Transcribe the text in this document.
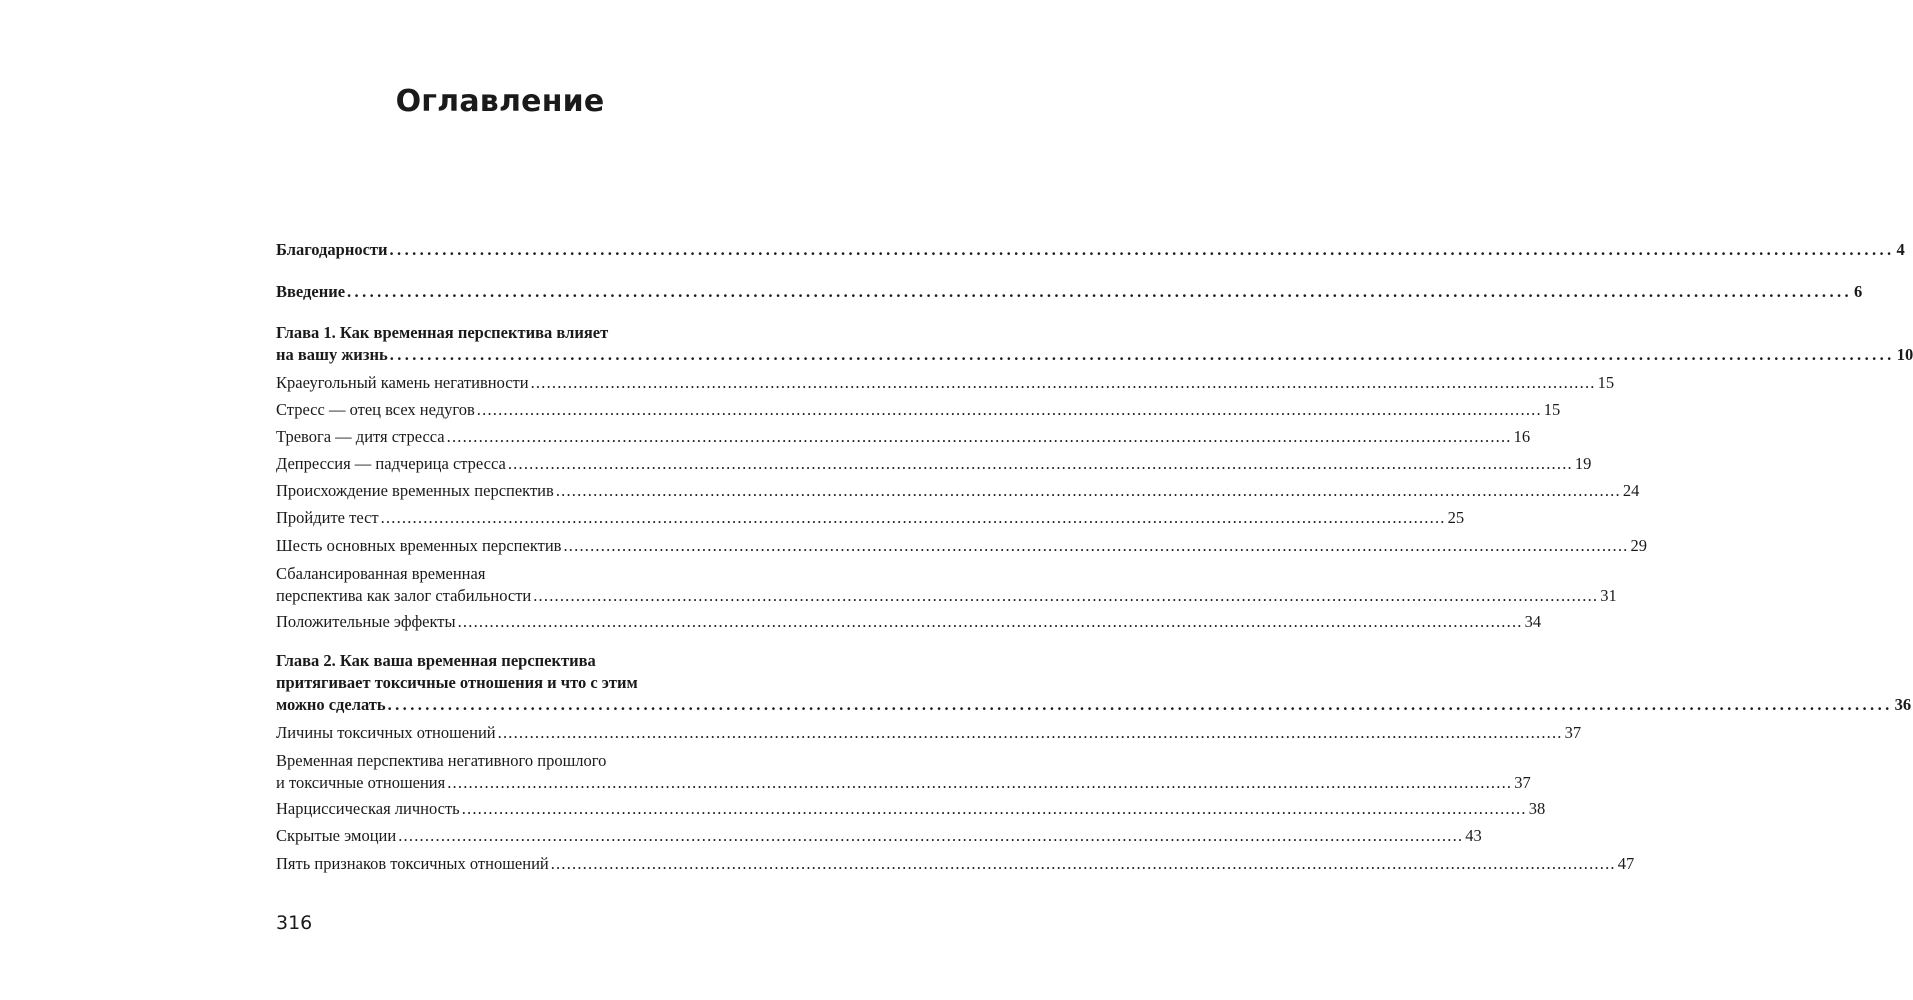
Оглавление
Благодарности ........................................................................................................................................................................................................ 4
Введение ........................................................................................................................................................................................................ 6
Глава 1. Как временная перспектива влияет
на вашу жизнь ........................................................................................................................................................................................................ 10
Краеугольный камень негативности ........................................................................................................................................................................................................ 15
Стресс — отец всех недугов ........................................................................................................................................................................................................ 15
Тревога — дитя стресса ........................................................................................................................................................................................................ 16
Депрессия — падчерица стресса ........................................................................................................................................................................................................ 19
Происхождение временных перспектив ........................................................................................................................................................................................................ 24
Пройдите тест ........................................................................................................................................................................................................ 25
Шесть основных временных перспектив ........................................................................................................................................................................................................ 29
Сбалансированная временная
перспектива как залог стабильности ........................................................................................................................................................................................................ 31
Положительные эффекты ........................................................................................................................................................................................................ 34
Глава 2. Как ваша временная перспектива
притягивает токсичные отношения и что с этим
можно сделать ........................................................................................................................................................................................................ 36
Личины токсичных отношений ........................................................................................................................................................................................................ 37
Временная перспектива негативного прошлого
и токсичные отношения ........................................................................................................................................................................................................ 37
Нарциссическая личность ........................................................................................................................................................................................................ 38
Скрытые эмоции ........................................................................................................................................................................................................ 43
Пять признаков токсичных отношений ........................................................................................................................................................................................................ 47
316
